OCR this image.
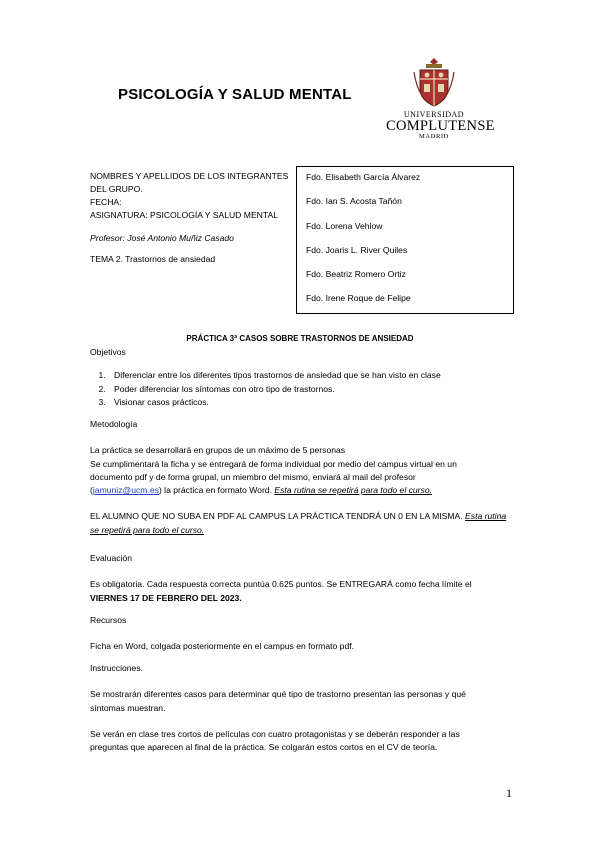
PSICOLOGÍA Y SALUD MENTAL
UNIVERSIDAD
COMPLUTENSE
MADRID
NOMBRES Y APELLIDOS DE LOS INTEGRANTES
DEL GRUPO.
FECHA:
ASIGNATURA: PSICOLOGÍA Y SALUD MENTAL
Profesor: José Antonio Muñiz Casado
TEMA 2. Trastornos de ansiedad
Fdo. Elisabeth García Álvarez
Fdo. Ian S. Acosta Tañón
Fdo. Lorena Vehlow
Fdo. Joaris L. River Quiles
Fdo. Beatriz Romero Ortiz
Fdo. Irene Roque de Felipe
PRÁCTICA 3ª CASOS SOBRE TRASTORNOS DE ANSIEDAD
Objetivos
1. Diferenciar entre los diferentes tipos trastornos de ansiedad que se han visto en clase
2. Poder diferenciar los síntomas con otro tipo de trastornos.
3. Visionar casos prácticos.
Metodología
La práctica se desarrollará en grupos de un máximo de 5 personas
Se cumplimentará la ficha y se entregará de forma individual por medio del campus virtual en un
documento pdf y de forma grupal, un miembro del mismo, enviará al mail del profesor
(jamuniz@ucm.es) la práctica en formato Word. Esta rutina se repetirá para todo el curso.
EL ALUMNO QUE NO SUBA EN PDF AL CAMPUS LA PRÁCTICA TENDRÁ UN 0 EN LA MISMA. Esta rutina
se repetirá para todo el curso.
Evaluación
Es obligatoria. Cada respuesta correcta puntúa 0.625 puntos. Se ENTREGARÁ como fecha límite el
VIERNES 17 DE FEBRERO DEL 2023.
Recursos
Ficha en Word, colgada posteriormente en el campus en formato pdf.
Instrucciones.
Se mostrarán diferentes casos para determinar qué tipo de trastorno presentan las personas y qué
síntomas muestran.
Se verán en clase tres cortos de películas con cuatro protagonistas y se deberán responder a las
preguntas que aparecen al final de la práctica. Se colgarán estos cortos en el CV de teoría.
1
